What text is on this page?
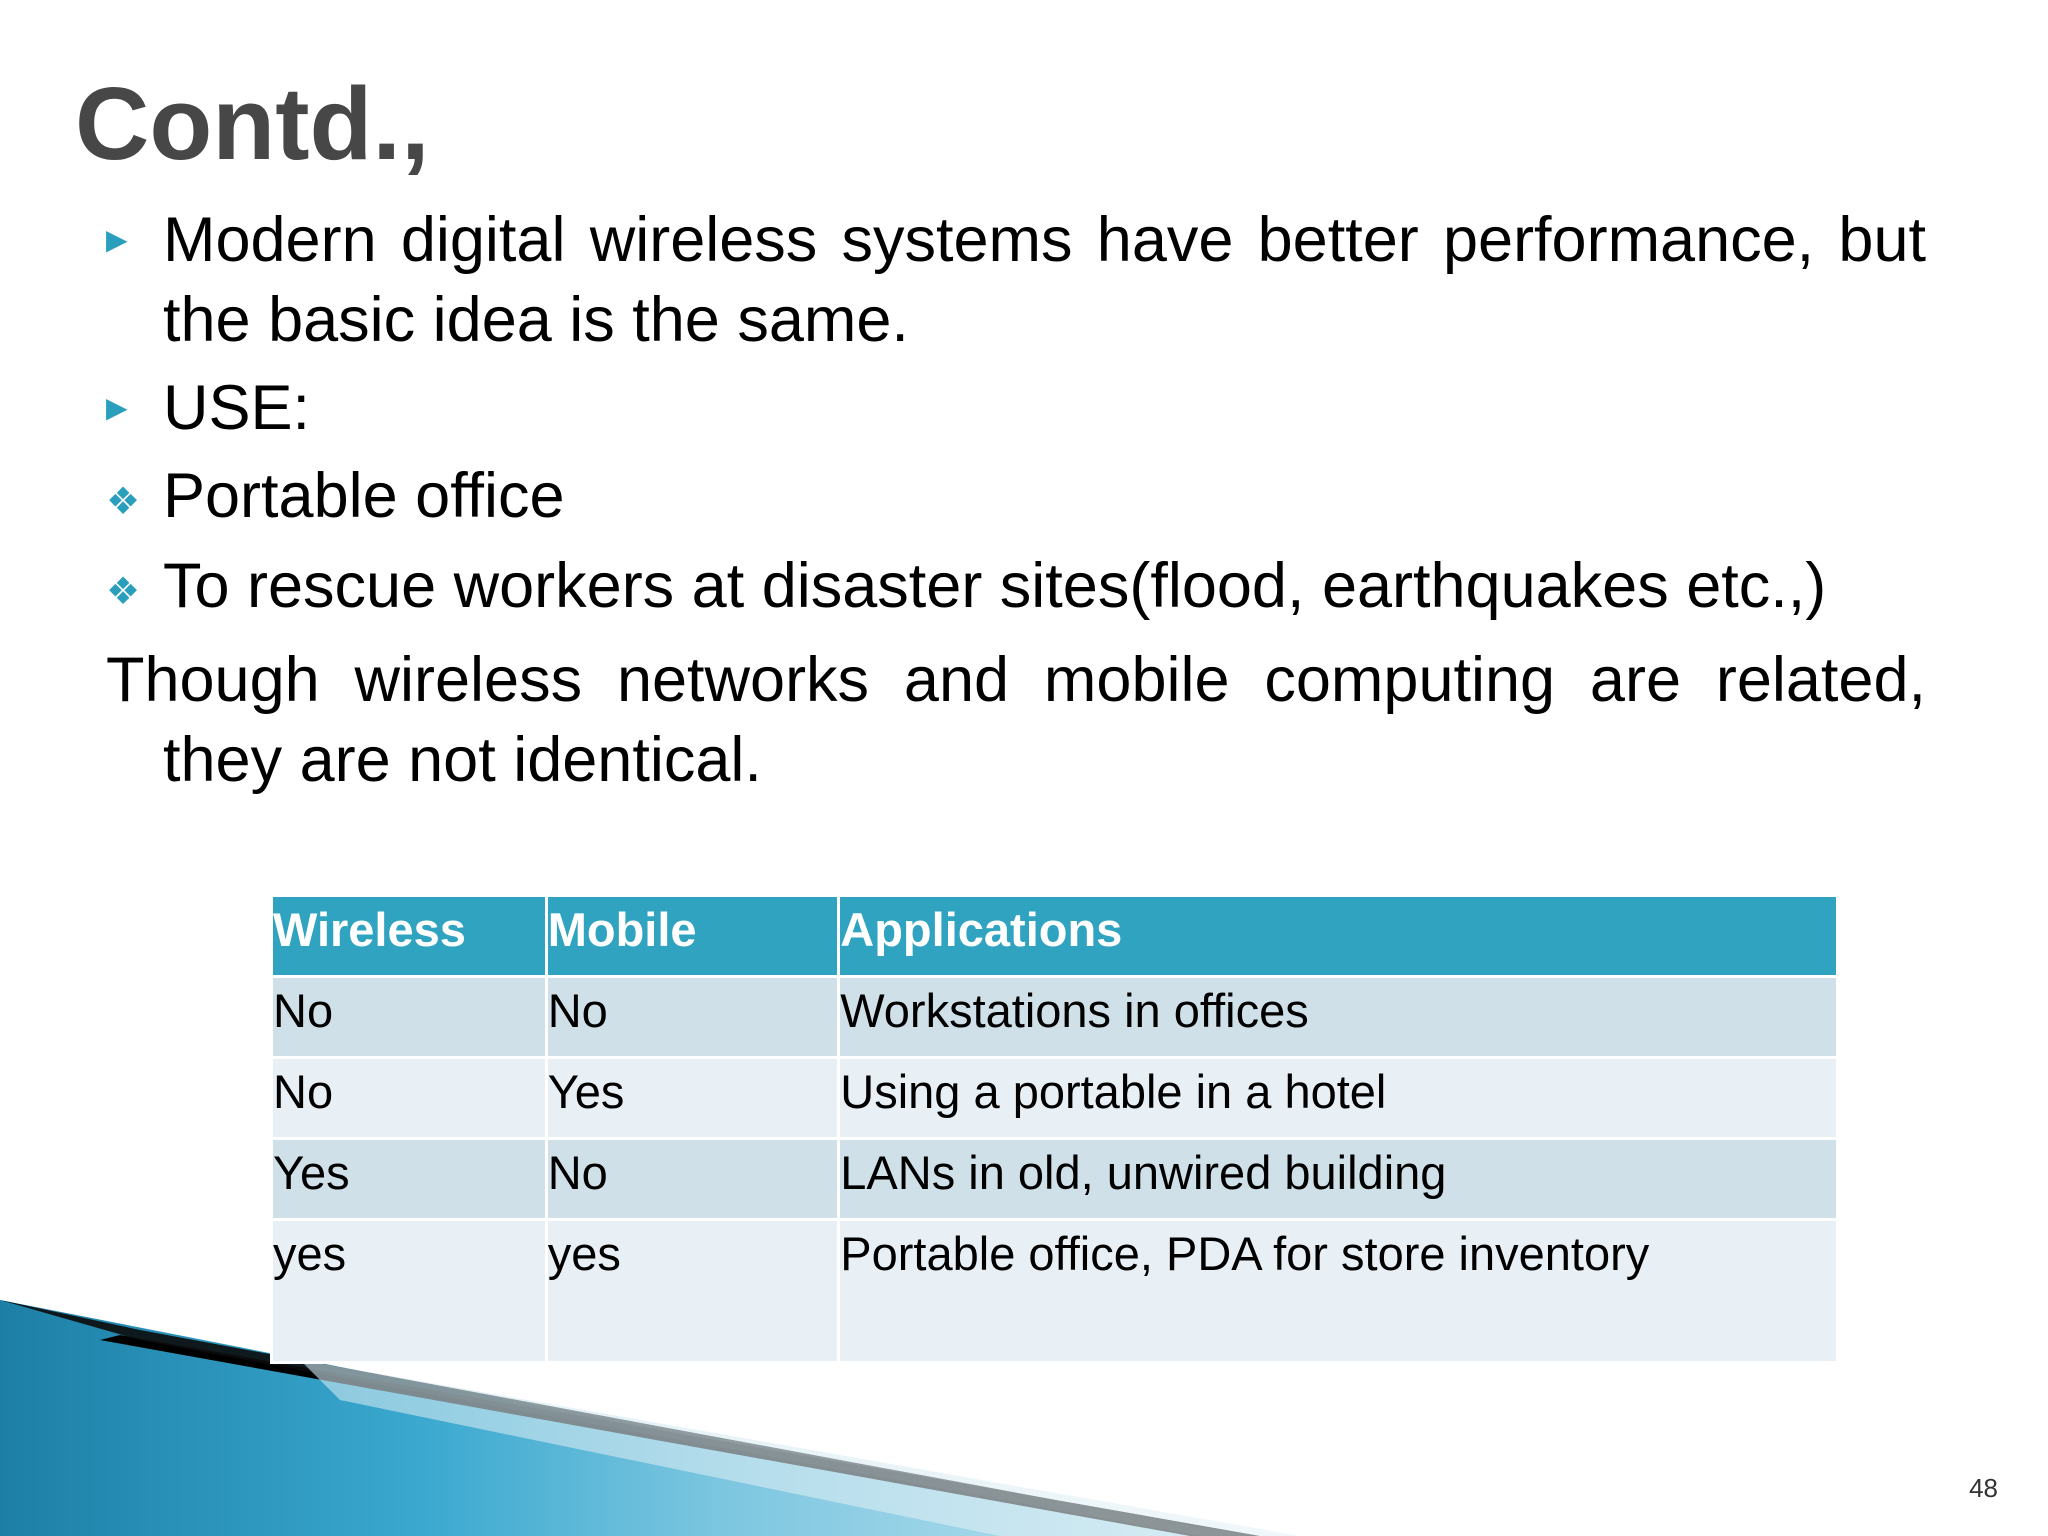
Contd.,
▶ Modern digital wireless systems have better performance, but the basic idea is the same.
▶ USE:
❖ Portable office
❖ To rescue workers at disaster sites(flood, earthquakes etc.,)
Though wireless networks and mobile computing are related,
they are not identical.
Wireless	Mobile	Applications
No	No	Workstations in offices
No	Yes	Using a portable in a hotel
Yes	No	LANs in old, unwired building
yes	yes	Portable office, PDA for store inventory
48
